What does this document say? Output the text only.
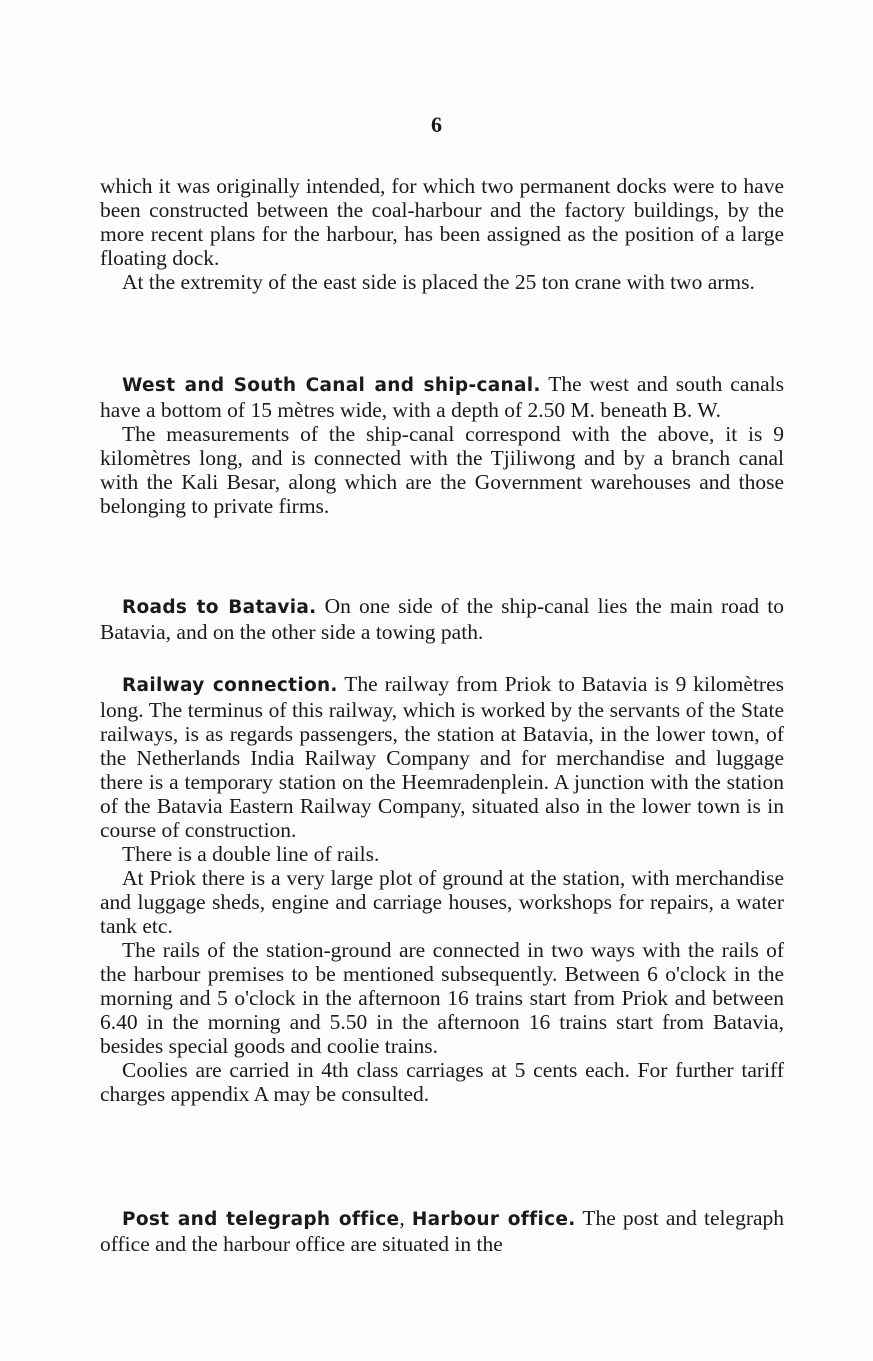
6

which it was originally intended, for which two permanent docks were to have been constructed between the coal-harbour and the factory buildings, by the more recent plans for the harbour, has been assigned as the position of a large floating dock.

At the extremity of the east side is placed the 25 ton crane with two arms.

West and South Canal and ship-canal. The west and south canals have a bottom of 15 mètres wide, with a depth of 2.50 M. beneath B. W.

The measurements of the ship-canal correspond with the above, it is 9 kilomètres long, and is connected with the Tjiliwong and by a branch canal with the Kali Besar, along which are the Government warehouses and those belonging to private firms.

Roads to Batavia. On one side of the ship-canal lies the main road to Batavia, and on the other side a towing path.

Railway connection. The railway from Priok to Batavia is 9 kilomètres long. The terminus of this railway, which is worked by the servants of the State railways, is as regards passengers, the station at Batavia, in the lower town, of the Netherlands India Railway Company and for merchandise and luggage there is a temporary station on the Heemradenplein. A junction with the station of the Batavia Eastern Railway Company, situated also in the lower town is in course of construction.

There is a double line of rails.

At Priok there is a very large plot of ground at the station, with merchandise and luggage sheds, engine and carriage houses, workshops for repairs, a water tank etc.

The rails of the station-ground are connected in two ways with the rails of the harbour premises to be mentioned subsequently. Between 6 o'clock in the morning and 5 o'clock in the afternoon 16 trains start from Priok and between 6.40 in the morning and 5.50 in the afternoon 16 trains start from Batavia, besides special goods and coolie trains.

Coolies are carried in 4th class carriages at 5 cents each. For further tariff charges appendix A may be consulted.

Post and telegraph office, Harbour office. The post and telegraph office and the harbour office are situated in the
